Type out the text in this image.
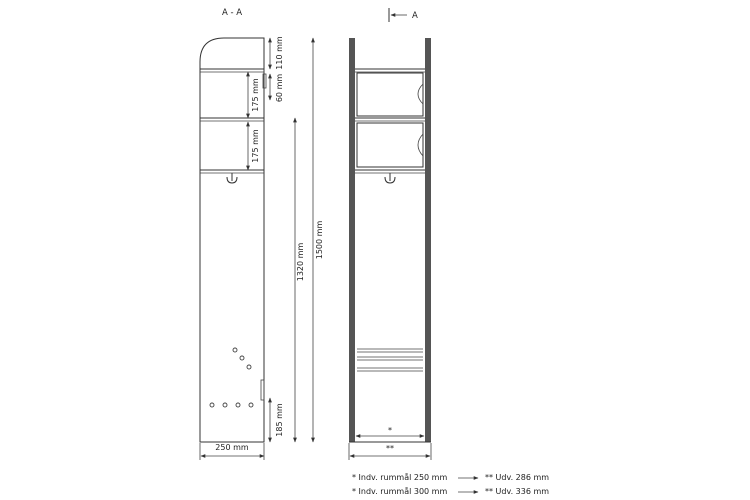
A - A
250 mm
110 mm
60 mm
175 mm
175 mm
185 mm
1320 mm
1500 mm
A
*
**
* Indv. rummål 250 mm	** Udv. 286 mm
* Indv. rummål 300 mm	** Udv. 336 mm
